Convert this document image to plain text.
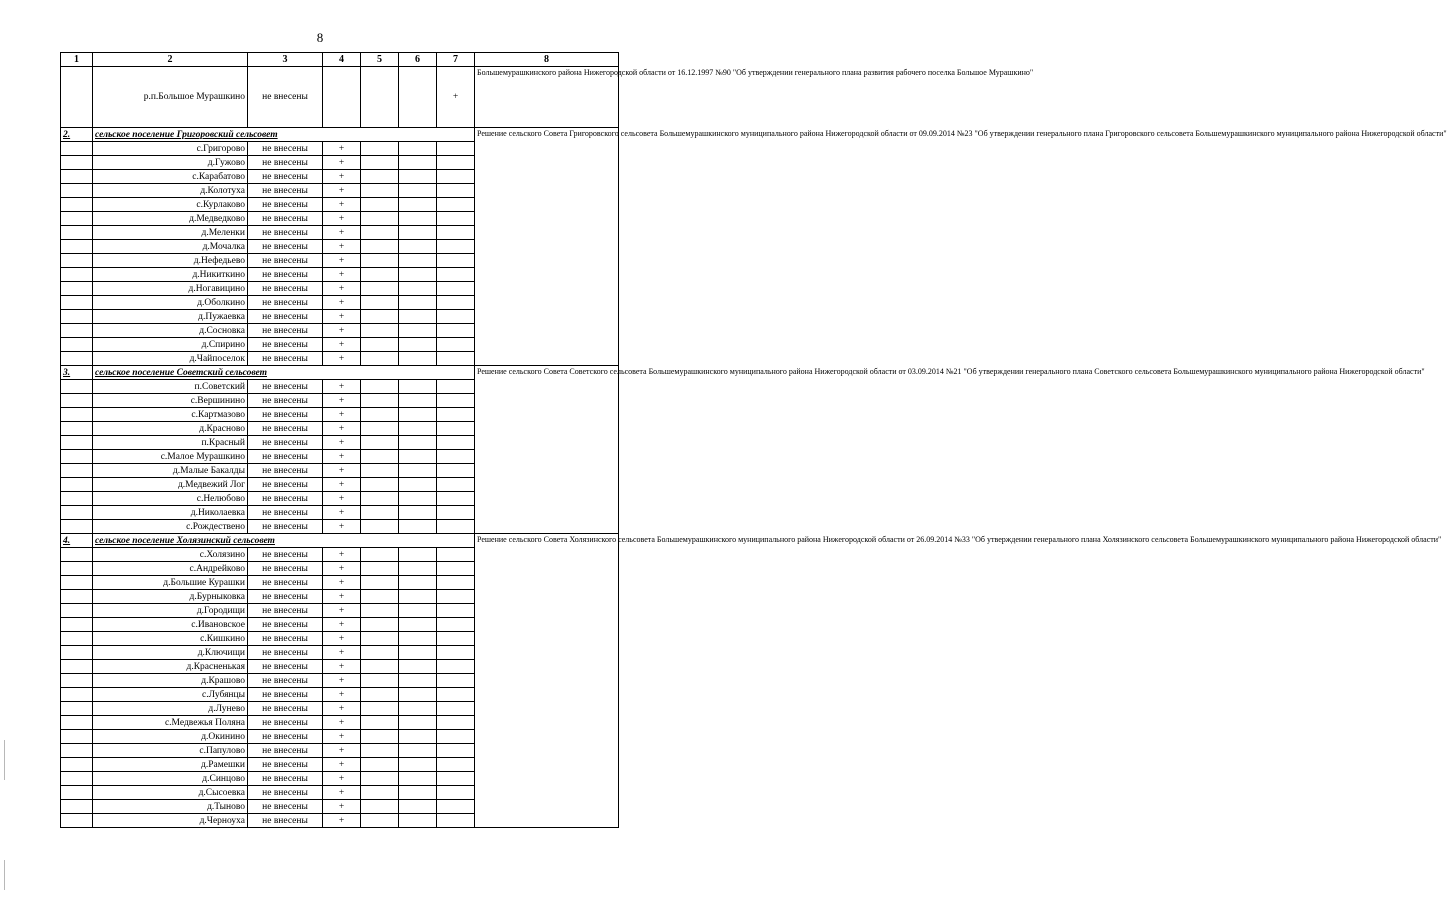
8
1	2	3	4	5	6	7	8
	р.п.Большое Мурашкино	не внесены				+	Большемурашкинского района Нижегородской области от 16.12.1997 №90 "Об утверждении генерального плана развития рабочего поселка Большое Мурашкино"
2.	сельское поселение Григоровский сельсовет						Решение сельского Совета Григоровского сельсовета Большемурашкинского муниципального района Нижегородской области от 09.09.2014 №23 "Об утверждении генерального плана Григоровского сельсовета Большемурашкинского муниципального района Нижегородской области"
	с.Григорово	не внесены	+				
	д.Гужово	не внесены	+				
	с.Карабатово	не внесены	+				
	д.Колотуха	не внесены	+				
	с.Курлаково	не внесены	+				
	д.Медведково	не внесены	+				
	д.Меленки	не внесены	+				
	д.Мочалка	не внесены	+				
	д.Нефедьево	не внесены	+				
	д.Никиткино	не внесены	+				
	д.Ногавицино	не внесены	+				
	д.Оболкино	не внесены	+				
	д.Пужаевка	не внесены	+				
	д.Сосновка	не внесены	+				
	д.Спирино	не внесены	+				
	д.Чайпоселок	не внесены	+				
3.	сельское поселение Советский сельсовет						Решение сельского Совета Советского сельсовета Большемурашкинского муниципального района Нижегородской области от 03.09.2014 №21 "Об утверждении генерального плана Советского сельсовета Большемурашкинского муниципального района Нижегородской области"
	п.Советский	не внесены	+				
	с.Вершинино	не внесены	+				
	с.Картмазово	не внесены	+				
	д.Красново	не внесены	+				
	п.Красный	не внесены	+				
	с.Малое Мурашкино	не внесены	+				
	д.Малые Бакалды	не внесены	+				
	д.Медвежий Лог	не внесены	+				
	с.Нелюбово	не внесены	+				
	д.Николаевка	не внесены	+				
	с.Рождествено	не внесены	+				
4.	сельское поселение Холязинский сельсовет						Решение сельского Совета Холязинского сельсовета Большемурашкинского муниципального района Нижегородской области от 26.09.2014 №33 "Об утверждении генерального плана Холязинского сельсовета Большемурашкинского муниципального района Нижегородской области"
	с.Холязино	не внесены	+				
	с.Андрейково	не внесены	+				
	д.Большие Курашки	не внесены	+				
	д.Бурныковка	не внесены	+				
	д.Городищи	не внесены	+				
	с.Ивановское	не внесены	+				
	с.Кишкино	не внесены	+				
	д.Ключищи	не внесены	+				
	д.Красненькая	не внесены	+				
	д.Крашово	не внесены	+				
	с.Лубянцы	не внесены	+				
	д.Лунево	не внесены	+				
	с.Медвежья Поляна	не внесены	+				
	д.Окинино	не внесены	+				
	с.Папулово	не внесены	+				
	д.Рамешки	не внесены	+				
	д.Синцово	не внесены	+				
	д.Сысоевка	не внесены	+				
	д.Тыново	не внесены	+				
	д.Черноуха	не внесены	+				
